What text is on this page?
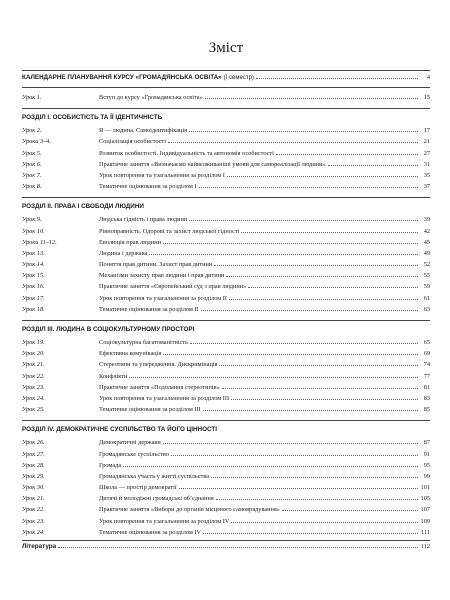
Зміст
КАЛЕНДАРНЕ ПЛАНУВАННЯ КУРСУ «ГРОМАДЯНСЬКА ОСВІТА» (І семестр)	4
Урок 1.	Вступ до курсу «Громадянська освіта»	15
РОЗДІЛ І. ОСОБИСТІСТЬ ТА ЇЇ ІДЕНТИЧНІСТЬ
Урок 2.	Я — людина. Самоідентифікація	17
Уроки 3–4.	Соціалізація особистості	21
Урок 5.	Розвиток особистості. Індивідуальність та автономія особистості	27
Урок 6.	Практичне заняття «Визначаємо найвеоживаніші умови для самореалізації людини»	31
Урок 7.	Урок повторення та узагальнення за розділом І	35
Урок 8.	Тематичне оцінювання за розділом І	37
РОЗДІЛ ІІ. ПРАВА І СВОБОДИ ЛЮДИНИ
Урок 9.	Людська гідність і права людини	39
Урок 10.	Рівноправність. Одорові та захист людської гідності	42
Уроки 11–12.	Еволюція прав людини	45
Урок 13.	Людина і держава	49
Урок 14.	Поняття прав дитини. Захист прав дитини	52
Урок 15.	Механізми захисту прав людини і прав дитини	55
Урок 16.	Практичне заняття «Європейський суд з прав людини»	59
Урок 17.	Урок повторення та узагальнення за розділом ІІ	61
Урок 18.	Тематичне оцінювання за розділом ІІ	63
РОЗДІЛ ІІІ. ЛЮДИНА В СОЦІОКУЛЬТУРНОМУ ПРОСТОРІ
Урок 19.	Соціокультурна багатоманітність	65
Урок 20.	Ефективна комунікація	69
Урок 21.	Стереотипи та упередження. Дискримінація	74
Урок 22.	Конфлікти	77
Урок 23.	Практичне заняття «Подолання стереотипів»	81
Урок 24.	Урок повторення та узагальнення за розділом ІІІ	83
Урок 25.	Тематичне оцінювання за розділом ІІІ	85
РОЗДІЛ ІV. ДЕМОКРАТИЧНЕ СУСПІЛЬСТВО ТА ЙОГО ЦІННОСТІ
Урок 26.	Демократичні держави	87
Урок 27.	Громадянське суспільство	91
Урок 28.	Громада	95
Урок 29.	Громадянська участь у житті суспільства	99
Урок 30.	Школа — простір демократії	101
Урок 21.	Дитячі й молодіжні громадські об’єднання	105
Урок 22.	Практичне заняття «Вибори до органів місцевого самоврядування»	107
Урок 23.	Урок повторення та узагальнення за розділом ІV	109
Урок 24.	Тематичне оцінювання за розділом ІV	111
Література	112
